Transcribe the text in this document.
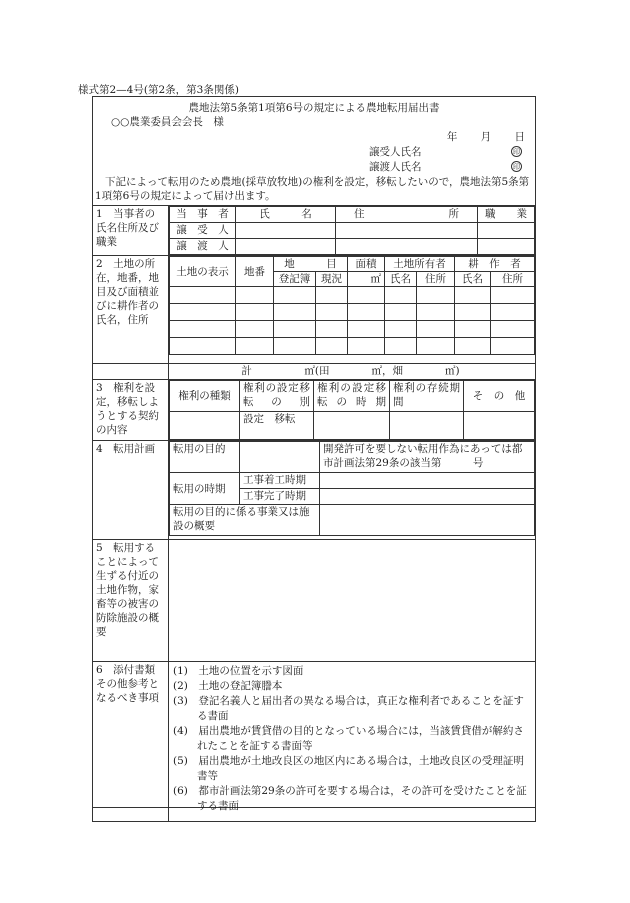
様式第2—4号(第2条，第3条関係)
農地法第5条第1項第6号の規定による農地転用届出書
○○農業委員会会長　様
年 月 日
譲受人氏名	印
譲渡人氏名	印
下記によって転用のため農地(採草放牧地)の権利を設定，移転したいので，農地法第5条第1項第6号の規定によって届け出ます。
1　当事者の氏名住所及び職業	
当　事　者	氏　　　名	住　　　　　　　　所	職　　業
譲　受　人			
譲　渡　人			

2　土地の所在，地番，地目及び面積並びに耕作者の氏名，住所	
土地の表示	地番	地　　　目	面積	土地所有者	耕　作　者
登記簿	現況	㎡	氏名	住所	氏名	住所

	計　　　　　㎡(田　　　　㎡，畑　　　　㎡)
3　権利を設定，移転しようとする契約の内容	
権利の種類	権利の設定移転の別	権利の設定移転の時期	権利の存続期間	そ　の　他
	設定　移転			

4　転用計画	転用の目的		開発許可を要しない転用作為にあっては都市計画法第29条の該当第　　　号
転用の時期	工事着工時期	
工事完了時期	
転用の目的に係る事業又は施設の概要	

5　転用することによって生ずる付近の土地作物，家畜等の被害の防除施設の概要	
6　添付書類その他参考となるべき事項	
(1)　土地の位置を示す図面
(2)　土地の登記簿謄本
(3)　登記名義人と届出者の異なる場合は，真正な権利者であることを証する書面
(4)　届出農地が賃貸借の目的となっている場合には，当該賃貸借が解約されたことを証する書面等
(5)　届出農地が土地改良区の地区内にある場合は，土地改良区の受理証明書等
(6)　都市計画法第29条の許可を要する場合は，その許可を受けたことを証する書面
